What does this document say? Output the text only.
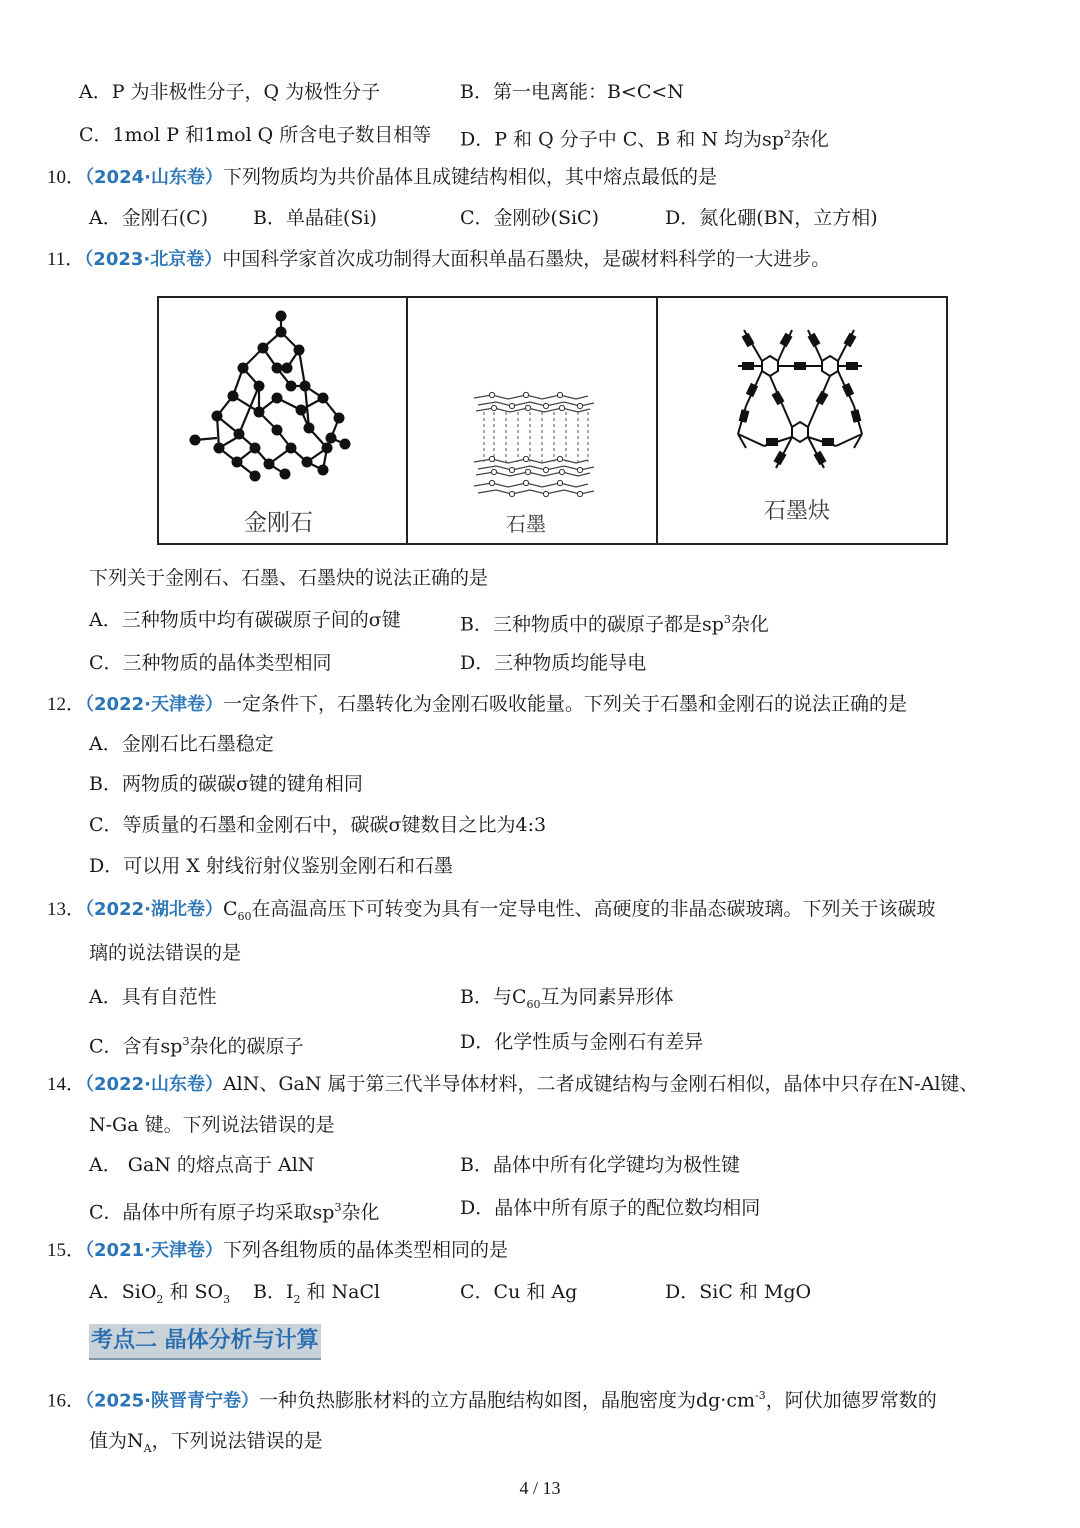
A．P 为非极性分子，Q 为极性分子	B．第一电离能：B<C<N
C．1mol P 和1mol Q 所含电子数目相等 D．P 和 Q 分子中 C、B 和 N 均为$sp^2$杂化
10．（2024·山东卷）下列物质均为共价晶体且成键结构相似，其中熔点最低的是
A．金刚石(C) B．单晶硅(Si)	C．金刚砂(SiC)	D．氮化硼(BN，立方相)
11．（2023·北京卷）中国科学家首次成功制得大面积单晶石墨炔，是碳材料科学的一大进步。
金刚石	石墨	石墨炔
下列关于金刚石、石墨、石墨炔的说法正确的是
A．三种物质中均有碳碳原子间的σ键	B．三种物质中的碳原子都是$sp^3$杂化
C．三种物质的晶体类型相同	D．三种物质均能导电
12．（2022·天津卷）一定条件下，石墨转化为金刚石吸收能量。下列关于石墨和金刚石的说法正确的是
A．金刚石比石墨稳定
B．两物质的碳碳σ键的键角相同
C．等质量的石墨和金刚石中，碳碳σ键数目之比为4:3
D．可以用 X 射线衍射仪鉴别金刚石和石墨
13．（2022·湖北卷）$C_{60}$在高温高压下可转变为具有一定导电性、高硬度的非晶态碳玻璃。下列关于该碳玻
璃的说法错误的是
A．具有自范性	B．与$C_{60}$互为同素异形体
C．含有$sp^3$杂化的碳原子	D．化学性质与金刚石有差异
14．（2022·山东卷）AlN、GaN 属于第三代半导体材料，二者成键结构与金刚石相似，晶体中只存在N-Al键、
N-Ga 键。下列说法错误的是
A． GaN 的熔点高于 AlN	B．晶体中所有化学键均为极性键
C．晶体中所有原子均采取$sp^3$杂化	D．晶体中所有原子的配位数均相同
15．（2021·天津卷）下列各组物质的晶体类型相同的是
A．SiO$_2$ 和 $SO_3$ B．$I_2$ 和 NaCl	C．Cu 和 Ag	D．SiC 和 MgO
考点二 晶体分析与计算
16．（2025·陕晋青宁卷）一种负热膨胀材料的立方晶胞结构如图，晶胞密度为$dg\cdot cm^{-3}$，阿伏加德罗常数的
值为$N_A$，下列说法错误的是
4 / 13
